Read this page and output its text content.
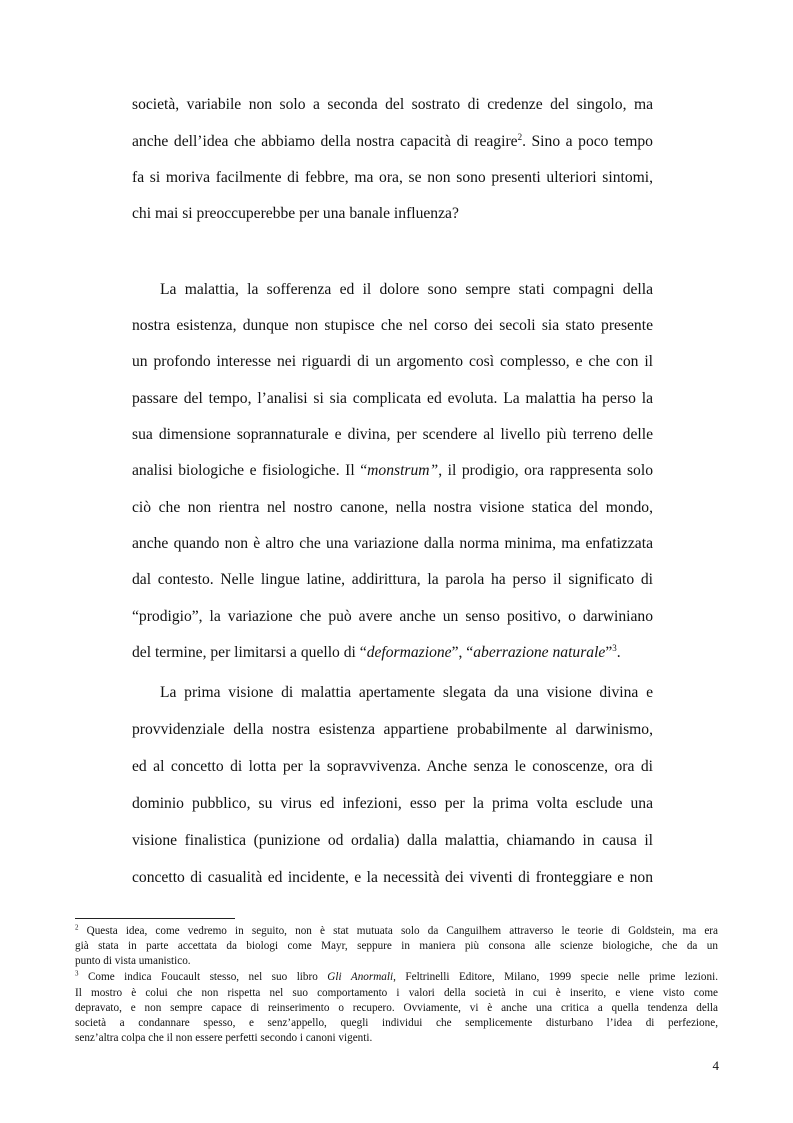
società, variabile non solo a seconda del sostrato di credenze del singolo, ma
anche dell’idea che abbiamo della nostra capacità di reagire$^2$. Sino a poco tempo
fa si moriva facilmente di febbre, ma ora, se non sono presenti ulteriori sintomi,
chi mai si preoccuperebbe per una banale influenza?
La malattia, la sofferenza ed il dolore sono sempre stati compagni della
nostra esistenza, dunque non stupisce che nel corso dei secoli sia stato presente
un profondo interesse nei riguardi di un argomento così complesso, e che con il
passare del tempo, l’analisi si sia complicata ed evoluta. La malattia ha perso la
sua dimensione soprannaturale e divina, per scendere al livello più terreno delle
analisi biologiche e fisiologiche. Il “monstrum”, il prodigio, ora rappresenta solo
ciò che non rientra nel nostro canone, nella nostra visione statica del mondo,
anche quando non è altro che una variazione dalla norma minima, ma enfatizzata
dal contesto. Nelle lingue latine, addirittura, la parola ha perso il significato di
“prodigio”, la variazione che può avere anche un senso positivo, o darwiniano
del termine, per limitarsi a quello di “deformazione”, “aberrazione naturale”$^3$.
La prima visione di malattia apertamente slegata da una visione divina e
provvidenziale della nostra esistenza appartiene probabilmente al darwinismo,
ed al concetto di lotta per la sopravvivenza. Anche senza le conoscenze, ora di
dominio pubblico, su virus ed infezioni, esso per la prima volta esclude una
visione finalistica (punizione od ordalia) dalla malattia, chiamando in causa il
concetto di casualità ed incidente, e la necessità dei viventi di fronteggiare e non
$^2$ Questa idea, come vedremo in seguito, non è stat mutuata solo da Canguilhem attraverso le teorie di Goldstein, ma era
già stata in parte accettata da biologi come Mayr, seppure in maniera più consona alle scienze biologiche, che da un
punto di vista umanistico.
$^3$ Come indica Foucault stesso, nel suo libro Gli Anormali, Feltrinelli Editore, Milano, 1999 specie nelle prime lezioni.
Il mostro è colui che non rispetta nel suo comportamento i valori della società in cui è inserito, e viene visto come
depravato, e non sempre capace di reinserimento o recupero. Ovviamente, vi è anche una critica a quella tendenza della
società a condannare spesso, e senz’appello, quegli individui che semplicemente disturbano l’idea di perfezione,
senz’altra colpa che il non essere perfetti secondo i canoni vigenti.
4
